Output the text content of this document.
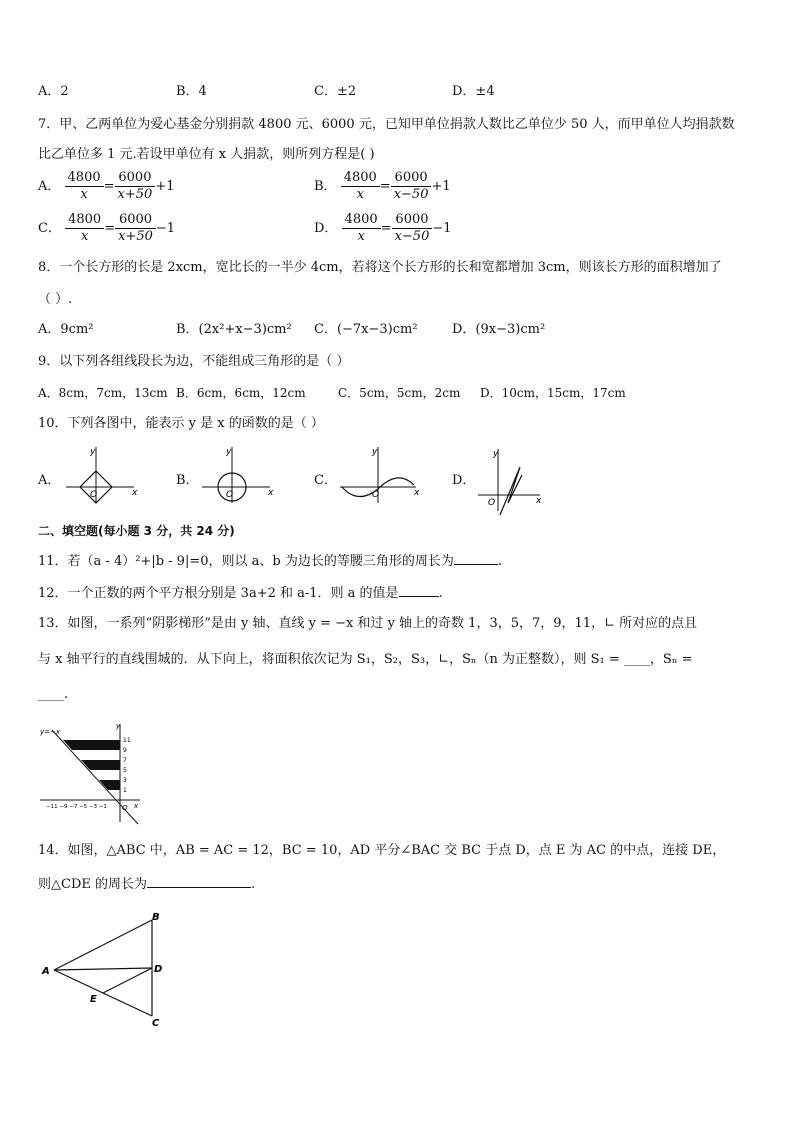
A．2	B．4	C．±2	D．±4
7．甲、乙两单位为爱心基金分别捐款 4800 元、6000 元，已知甲单位捐款人数比乙单位少 50 人，而甲单位人均捐款数
比乙单位多 1 元.若设甲单位有 x 人捐款，则所列方程是( )
A． $\frac{4800}{x} = \frac{6000}{x+50} +1$	B． $\frac{4800}{x} = \frac{6000}{x-50} +1$
C． $\frac{4800}{x} = \frac{6000}{x+50} -1$	D． $\frac{4800}{x} = \frac{6000}{x-50} -1$
8．一个长方形的长是 2xcm，宽比长的一半少 4cm，若将这个长方形的长和宽都增加 3cm，则该长方形的面积增加了
（ ）.
A．9cm²	B．(2x²+x−3)cm² C．(−7x−3)cm²	D．(9x−3)cm²
9．以下列各组线段长为边，不能组成三角形的是（ ）
A．8cm，7cm，13cm B．6cm，6cm，12cm	C．5cm，5cm，2cm D．10cm，15cm，17cm
10．下列各图中，能表示 y 是 x 的函数的是（ ）
A．	B．	C．	D．
y
x
O
y
x
O
y
x
O
y
x
O
二、填空题(每小题 3 分，共 24 分)
11．若（a - 4）²+|b - 9|=0，则以 a、b 为边长的等腰三角形的周长为	.
12．一个正数的两个平方根分别是 3a+2 和 a-1．则 a 的值是	.
13．如图，一系列“阴影梯形”是由 y 轴、直线 y = −x 和过 y 轴上的奇数 1，3，5，7，9，11，∟ 所对应的点且
与 x 轴平行的直线围城的．从下向上，将面积依次记为 S₁，S₂，S₃，∟，Sₙ（n 为正整数），则 S₁ = ____，Sₙ =
____.
y=−x
11
9
7
5
3
1
−11 −9 −7 −5 −3 −1
y
x
O
14．如图，△ABC 中，AB = AC = 12，BC = 10，AD 平分∠BAC 交 BC 于点 D，点 E 为 AC 的中点，连接 DE，
则△CDE 的周长为	.
A
B
C
D
E
